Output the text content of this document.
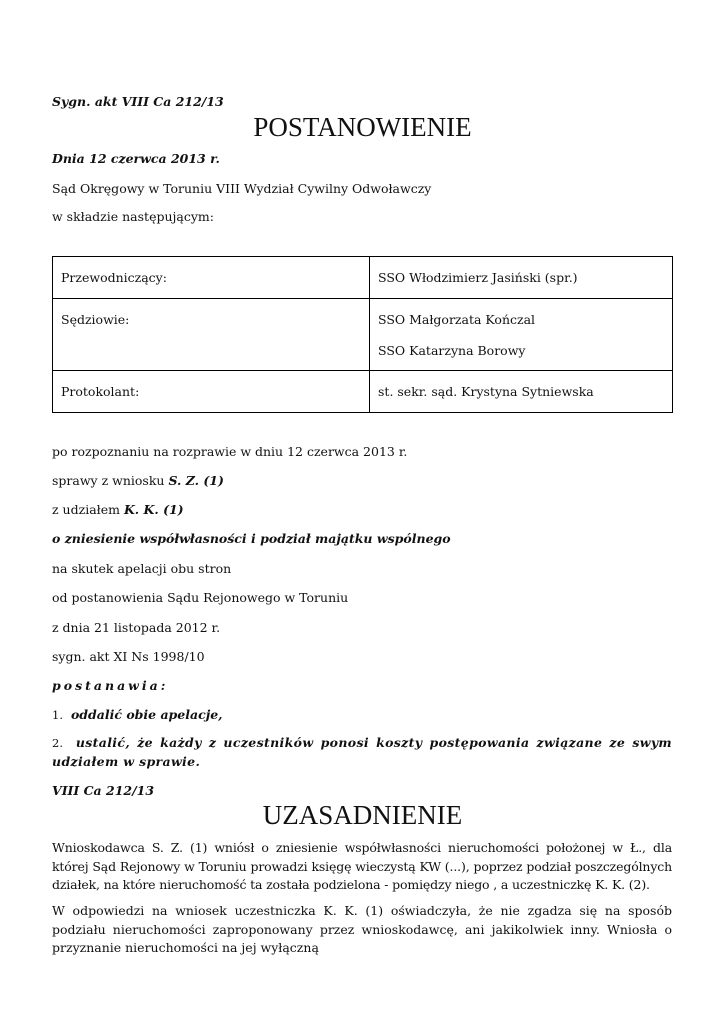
Sygn. akt VIII Ca 212/13
POSTANOWIENIE
Dnia 12 czerwca 2013 r.
Sąd Okręgowy w Toruniu VIII Wydział Cywilny Odwoławczy
w składzie następującym:
Przewodniczący:	SSO Włodzimierz Jasiński (spr.)

Sędziowie:	SSO Małgorzata Kończal
SSO Katarzyna Borowy

Protokolant:	st. sekr. sąd. Krystyna Sytniewska
po rozpoznaniu na rozprawie w dniu 12 czerwca 2013 r.
sprawy z wniosku S. Z. (1)
z udziałem K. K. (1)
o zniesienie współwłasności i podział majątku wspólnego
na skutek apelacji obu stron
od postanowienia Sądu Rejonowego w Toruniu
z dnia 21 listopada 2012 r.
sygn. akt XI Ns 1998/10
postanawia:
1. oddalić obie apelacje,
2. ustalić, że każdy z uczestników ponosi koszty postępowania związane ze swym udziałem w sprawie.
VIII Ca 212/13
UZASADNIENIE
Wnioskodawca S. Z. (1) wniósł o zniesienie współwłasności nieruchomości położonej w Ł., dla której Sąd Rejonowy w Toruniu prowadzi księgę wieczystą KW (...), poprzez podział poszczególnych działek, na które nieruchomość ta została podzielona - pomiędzy niego , a uczestniczkę K. K. (2).
W odpowiedzi na wniosek uczestniczka K. K. (1) oświadczyła, że nie zgadza się na sposób podziału nieruchomości zaproponowany przez wnioskodawcę, ani jakikolwiek inny. Wniosła o przyznanie nieruchomości na jej wyłączną
